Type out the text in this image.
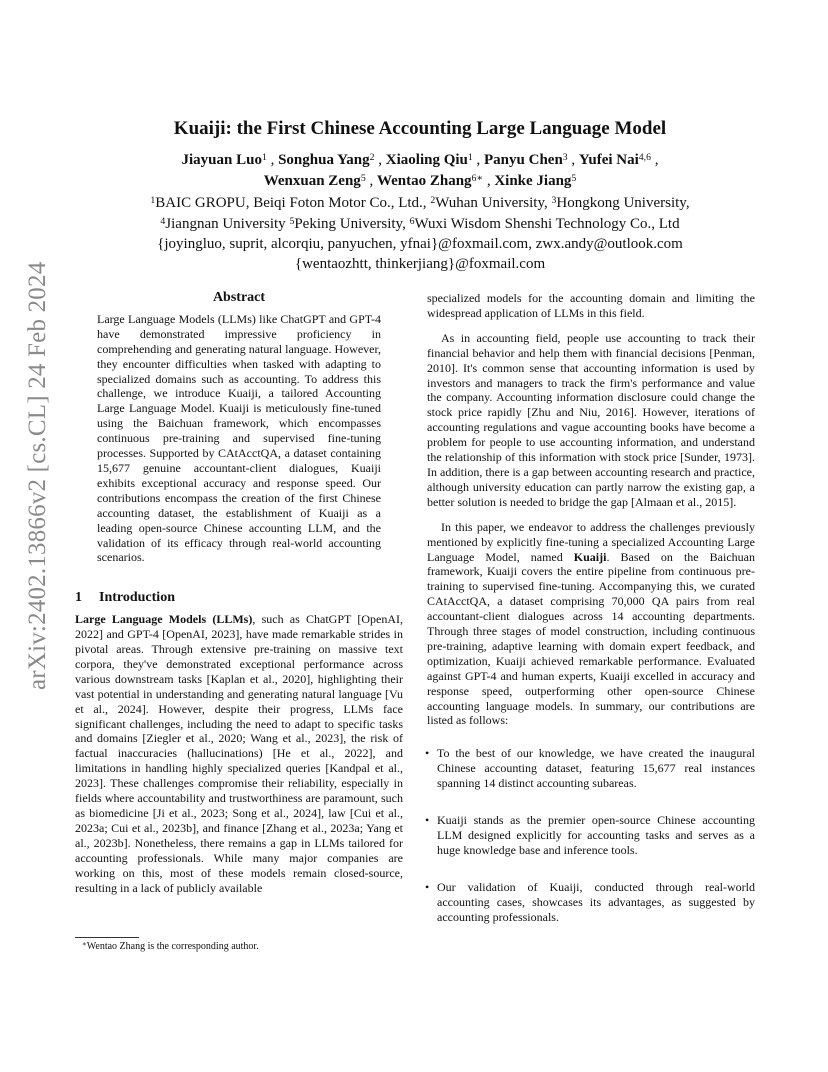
arXiv:2402.13866v2 [cs.CL] 24 Feb 2024
Kuaiji: the First Chinese Accounting Large Language Model
Jiayuan Luo$^1$ , Songhua Yang$^2$ , Xiaoling Qiu$^1$ , Panyu Chen$^3$ , Yufei Nai$^{4,6}$ ,
Wenxuan Zeng$^5$ , Wentao Zhang$^{6∗}$ , Xinke Jiang$^5$
$^1$BAIC GROPU, Beiqi Foton Motor Co., Ltd., $^2$Wuhan University, $^3$Hongkong University,
$^4$Jiangnan University $^5$Peking University, $^6$Wuxi Wisdom Shenshi Technology Co., Ltd
{joyingluo, suprit, alcorqiu, panyuchen, yfnai}@foxmail.com, zwx.andy@outlook.com
{wentaozhtt, thinkerjiang}@foxmail.com
Abstract
Large Language Models (LLMs) like ChatGPT and GPT-4 have demonstrated impressive proficiency in comprehending and generating natural language. However, they encounter difficulties when tasked with adapting to specialized domains such as accounting. To address this challenge, we introduce Kuaiji, a tailored Accounting Large Language Model. Kuaiji is meticulously fine-tuned using the Baichuan framework, which encompasses continuous pre-training and supervised fine-tuning processes. Supported by CAtAcctQA, a dataset containing 15,677 genuine accountant-client dialogues, Kuaiji exhibits exceptional accuracy and response speed. Our contributions encompass the creation of the first Chinese accounting dataset, the establishment of Kuaiji as a leading open-source Chinese accounting LLM, and the validation of its efficacy through real-world accounting scenarios.
1 Introduction

Large Language Models (LLMs), such as ChatGPT [OpenAI, 2022] and GPT-4 [OpenAI, 2023], have made remarkable strides in pivotal areas. Through extensive pre-training on massive text corpora, they've demonstrated exceptional performance across various downstream tasks [Kaplan et al., 2020], highlighting their vast potential in understanding and generating natural language [Vu et al., 2024]. However, despite their progress, LLMs face significant challenges, including the need to adapt to specific tasks and domains [Ziegler et al., 2020; Wang et al., 2023], the risk of factual inaccuracies (hallucinations) [He et al., 2022], and limitations in handling highly specialized queries [Kandpal et al., 2023]. These challenges compromise their reliability, especially in fields where accountability and trustworthiness are paramount, such as biomedicine [Ji et al., 2023; Song et al., 2024], law [Cui et al., 2023a; Cui et al., 2023b], and finance [Zhang et al., 2023a; Yang et al., 2023b]. Nonetheless, there remains a gap in LLMs tailored for accounting professionals. While many major companies are working on this, most of these models remain closed-source, resulting in a lack of publicly available

specialized models for the accounting domain and limiting the widespread application of LLMs in this field.

As in accounting field, people use accounting to track their financial behavior and help them with financial decisions [Penman, 2010]. It's common sense that accounting information is used by investors and managers to track the firm's performance and value the company. Accounting information disclosure could change the stock price rapidly [Zhu and Niu, 2016]. However, iterations of accounting regulations and vague accounting books have become a problem for people to use accounting information, and understand the relationship of this information with stock price [Sunder, 1973]. In addition, there is a gap between accounting research and practice, although university education can partly narrow the existing gap, a better solution is needed to bridge the gap [Almaan et al., 2015].

In this paper, we endeavor to address the challenges previously mentioned by explicitly fine-tuning a specialized Accounting Large Language Model, named Kuaiji. Based on the Baichuan framework, Kuaiji covers the entire pipeline from continuous pre-training to supervised fine-tuning. Accompanying this, we curated CAtAcctQA, a dataset comprising 70,000 QA pairs from real accountant-client dialogues across 14 accounting departments. Through three stages of model construction, including continuous pre-training, adaptive learning with domain expert feedback, and optimization, Kuaiji achieved remarkable performance. Evaluated against GPT-4 and human experts, Kuaiji excelled in accuracy and response speed, outperforming other open-source Chinese accounting language models. In summary, our contributions are listed as follows:

• To the best of our knowledge, we have created the inaugural Chinese accounting dataset, featuring 15,677 real instances spanning 14 distinct accounting subareas.
• Kuaiji stands as the premier open-source Chinese accounting LLM designed explicitly for accounting tasks and serves as a huge knowledge base and inference tools.
• Our validation of Kuaiji, conducted through real-world accounting cases, showcases its advantages, as suggested by accounting professionals.
∗Wentao Zhang is the corresponding author.
